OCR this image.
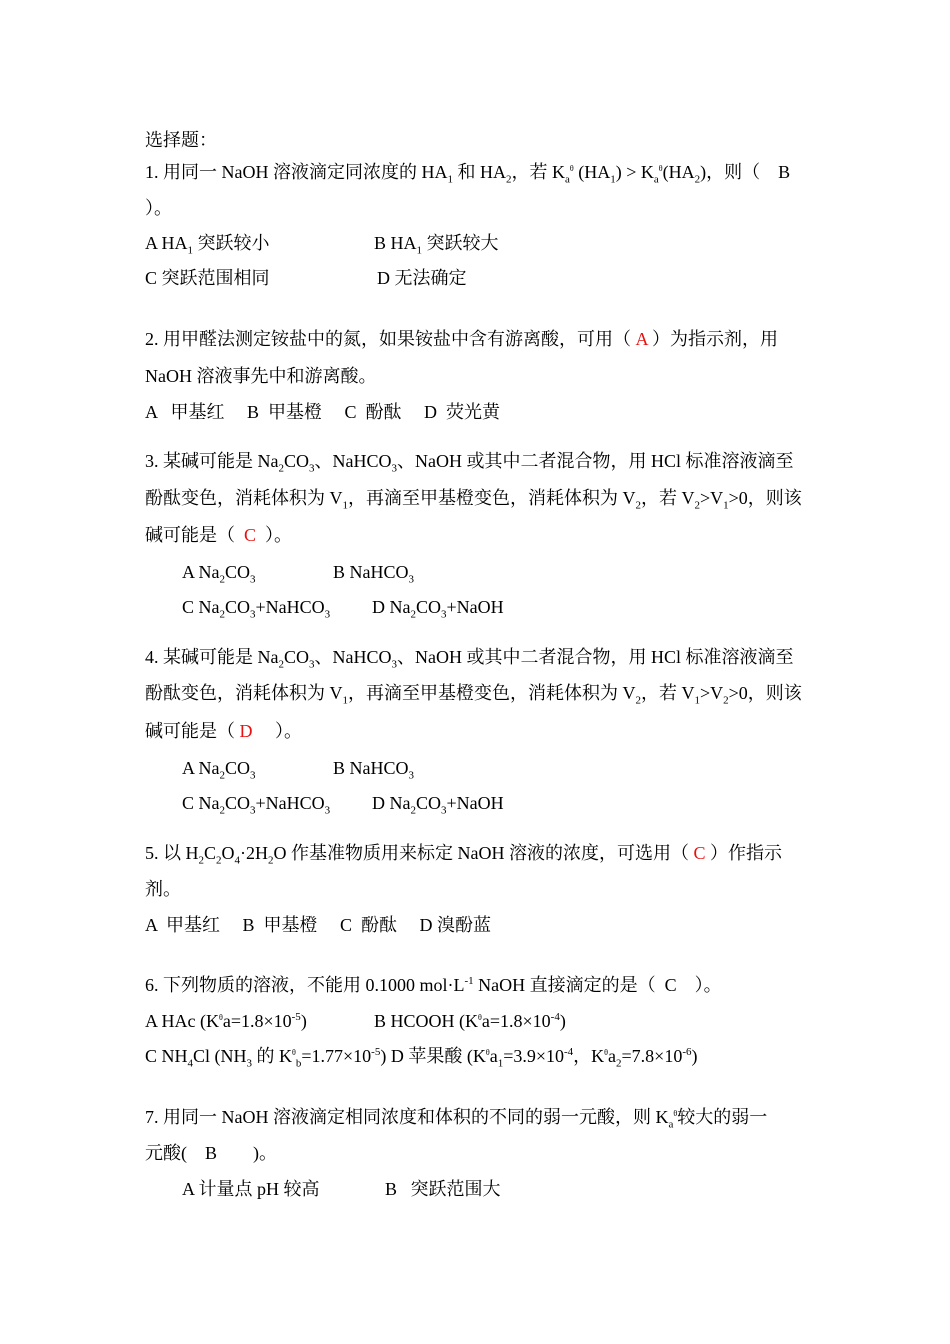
选择题：
1. 用同一 NaOH 溶液滴定同浓度的 $HA_1$ 和 $HA_2$，若 $K_a^\theta$ $(HA_1) > K_a^\theta(HA_2)$，则（ B
）。
A $HA_1$ 突跃较小	B $HA_1$ 突跃较大
C 突跃范围相同	D 无法确定
2. 用甲醛法测定铵盐中的氮，如果铵盐中含有游离酸，可用（ A ）为指示剂，用
NaOH 溶液事先中和游离酸。
A   甲基红     B  甲基橙     C  酚酞     D  荧光黄
3. 某碱可能是 $Na_2CO_3$、NaHCO$_3$、NaOH 或其中二者混合物，用 HCl 标准溶液滴至
酚酞变色，消耗体积为 $V_1$，再滴至甲基橙变色，消耗体积为 $V_2$，若 $V_2>V_1>0$，则该
碱可能是（  C  ）。
A $Na_2CO_3$	B NaHCO$_3$
C $Na_2CO_3+NaHCO_3$ D $Na_2CO_3+NaOH$
4. 某碱可能是 $Na_2CO_3$、NaHCO$_3$、NaOH 或其中二者混合物，用 HCl 标准溶液滴至
酚酞变色，消耗体积为 $V_1$，再滴至甲基橙变色，消耗体积为 $V_2$，若 $V_1>V_2>0$，则该
碱可能是（ D     ）。
A $Na_2CO_3$	B NaHCO$_3$
C $Na_2CO_3+NaHCO_3$ D $Na_2CO_3+NaOH$
5. 以 $H_2C_2O_4\cdot 2H_2O$ 作基准物质用来标定 NaOH 溶液的浓度，可选用（ C ）作指示
剂。
A  甲基红     B  甲基橙     C  酚酞     D 溴酚蓝
6. 下列物质的溶液，不能用 0.1000 $mol\cdot L^{-1}$ NaOH 直接滴定的是（  C    ）。
A HAc $(K^\theta a=1.8\times 10^{-5})$	B HCOOH $(K^\theta a=1.8\times 10^{-4})$
C $NH_4Cl$ ($NH_3$ 的 $K^\theta_b=1.77\times 10^{-5}$) D 苹果酸 ($K^\theta a_1=3.9\times 10^{-4}$，$K^\theta a_2=7.8\times 10^{-6}$)
7. 用同一 NaOH 溶液滴定相同浓度和体积的不同的弱一元酸，则 $K_a^\theta$较大的弱一
元酸(    B        )。
A 计量点 pH 较高	B   突跃范围大
